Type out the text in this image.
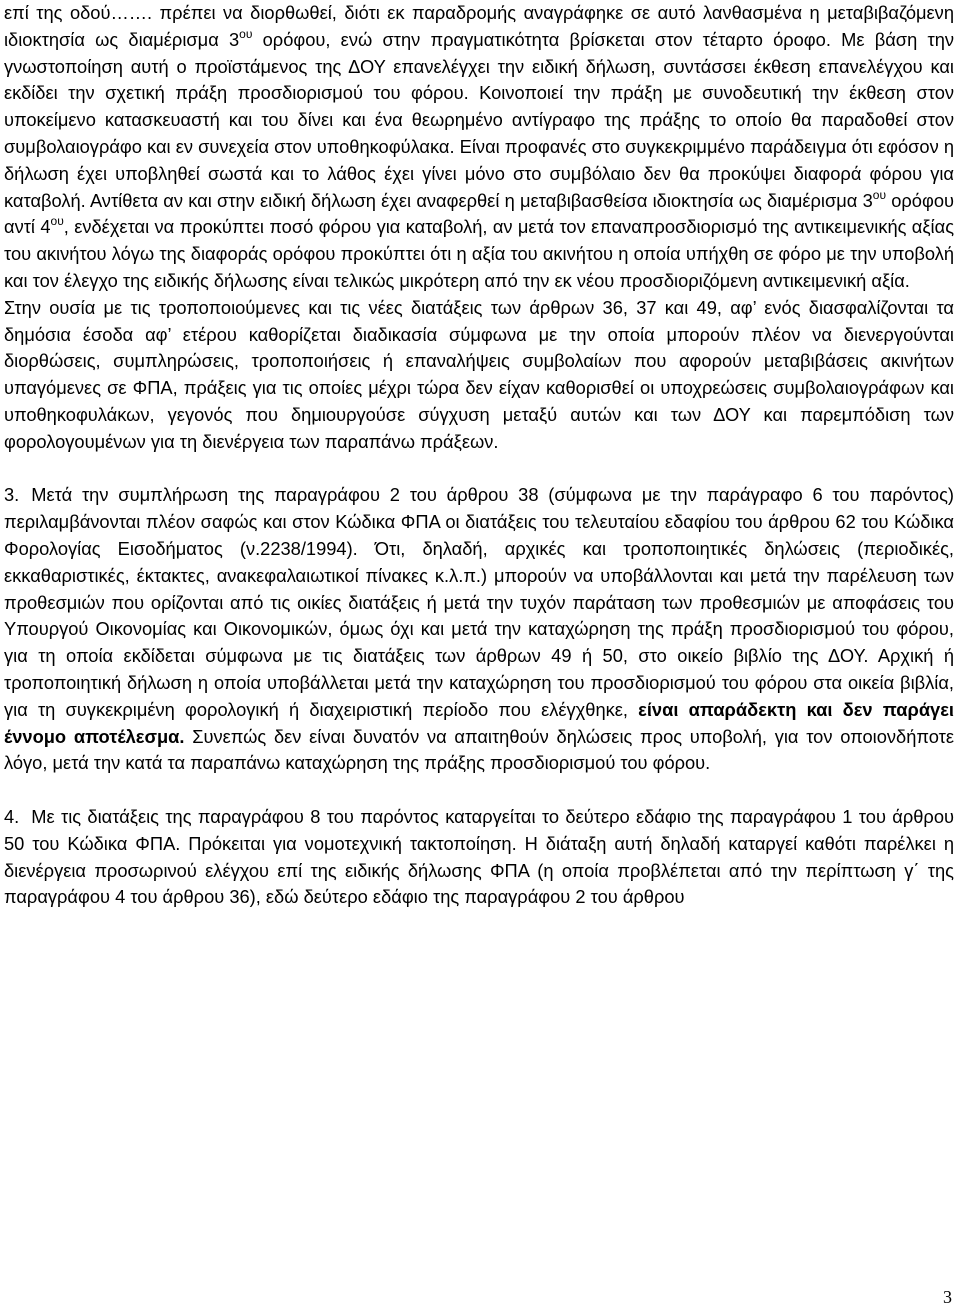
επί της οδού……. πρέπει να διορθωθεί, διότι εκ παραδρομής αναγράφηκε σε αυτό λανθασμένα η μεταβιβαζόμενη ιδιοκτησία ως διαμέρισμα $3^{o\upsilon}$ ορόφου, ενώ στην πραγματικότητα βρίσκεται στον τέταρτο όροφο. Με βάση την γνωστοποίηση αυτή ο προϊστάμενος της ΔΟΥ επανελέγχει την ειδική δήλωση, συντάσσει έκθεση επανελέγχου και εκδίδει την σχετική πράξη προσδιορισμού του φόρου. Κοινοποιεί την πράξη με συνοδευτική την έκθεση στον υποκείμενο κατασκευαστή και του δίνει και ένα θεωρημένο αντίγραφο της πράξης το οποίο θα παραδοθεί στον συμβολαιογράφο και εν συνεχεία στον υποθηκοφύλακα. Είναι προφανές στο συγκεκριμμένο παράδειγμα ότι εφόσον η δήλωση έχει υποβληθεί σωστά και το λάθος έχει γίνει μόνο στο συμβόλαιο δεν θα προκύψει διαφορά φόρου για καταβολή. Αντίθετα αν και στην ειδική δήλωση έχει αναφερθεί η μεταβιβασθείσα ιδιοκτησία ως διαμέρισμα $3^{o\upsilon}$ ορόφου αντί $4^{o\upsilon}$, ενδέχεται να προκύπτει ποσό φόρου για καταβολή, αν μετά τον επαναπροσδιορισμό της αντικειμενικής αξίας του ακινήτου λόγω της διαφοράς ορόφου προκύπτει ότι η αξία του ακινήτου η οποία υπήχθη σε φόρο με την υποβολή και τον έλεγχο της ειδικής δήλωσης είναι τελικώς μικρότερη από την εκ νέου προσδιοριζόμενη αντικειμενική αξία.

Στην ουσία με τις τροποποιούμενες και τις νέες διατάξεις των άρθρων 36, 37 και 49, αφ’ ενός διασφαλίζονται τα δημόσια έσοδα αφ’ ετέρου καθορίζεται διαδικασία σύμφωνα με την οποία μπορούν πλέον να διενεργούνται διορθώσεις, συμπληρώσεις, τροποποιήσεις ή επαναλήψεις συμβολαίων που αφορούν μεταβιβάσεις ακινήτων υπαγόμενες σε ΦΠΑ, πράξεις για τις οποίες μέχρι τώρα δεν είχαν καθορισθεί οι υποχρεώσεις συμβολαιογράφων και υποθηκοφυλάκων, γεγονός που δημιουργούσε σύγχυση μεταξύ αυτών και των ΔΟΥ και παρεμπόδιση των φορολογουμένων για τη διενέργεια των παραπάνω πράξεων.

3. Μετά την συμπλήρωση της παραγράφου 2 του άρθρου 38 (σύμφωνα με την παράγραφο 6 του παρόντος) περιλαμβάνονται πλέον σαφώς και στον Κώδικα ΦΠΑ οι διατάξεις του τελευταίου εδαφίου του άρθρου 62 του Κώδικα Φορολογίας Εισοδήματος (ν.2238/1994). Ότι, δηλαδή, αρχικές και τροποποιητικές δηλώσεις (περιοδικές, εκκαθαριστικές, έκτακτες, ανακεφαλαιωτικοί πίνακες κ.λ.π.) μπορούν να υποβάλλονται και μετά την παρέλευση των προθεσμιών που ορίζονται από τις οικίες διατάξεις ή μετά την τυχόν παράταση των προθεσμιών με αποφάσεις του Υπουργού Οικονομίας και Οικονομικών, όμως όχι και μετά την καταχώρηση της πράξη προσδιορισμού του φόρου, για τη οποία εκδίδεται σύμφωνα με τις διατάξεις των άρθρων 49 ή 50, στο οικείο βιβλίο της ΔΟΥ. Αρχική ή τροποποιητική δήλωση η οποία υποβάλλεται μετά την καταχώρηση του προσδιορισμού του φόρου στα οικεία βιβλία, για τη συγκεκριμένη φορολογική ή διαχειριστική περίοδο που ελέγχθηκε, είναι απαράδεκτη και δεν παράγει έννομο αποτέλεσμα. Συνεπώς δεν είναι δυνατόν να απαιτηθούν δηλώσεις προς υποβολή, για τον οποιονδήποτε λόγο, μετά την κατά τα παραπάνω καταχώρηση της πράξης προσδιορισμού του φόρου.

4. Με τις διατάξεις της παραγράφου 8 του παρόντος καταργείται το δεύτερο εδάφιο της παραγράφου 1 του άρθρου 50 του Κώδικα ΦΠΑ. Πρόκειται για νομοτεχνική τακτοποίηση. Η διάταξη αυτή δηλαδή καταργεί καθότι παρέλκει η διενέργεια προσωρινού ελέγχου επί της ειδικής δήλωσης ΦΠΑ (η οποία προβλέπεται από την περίπτωση γ΄ της παραγράφου 4 του άρθρου 36), εδώ δεύτερο εδάφιο της παραγράφου 2 του άρθρου

3
